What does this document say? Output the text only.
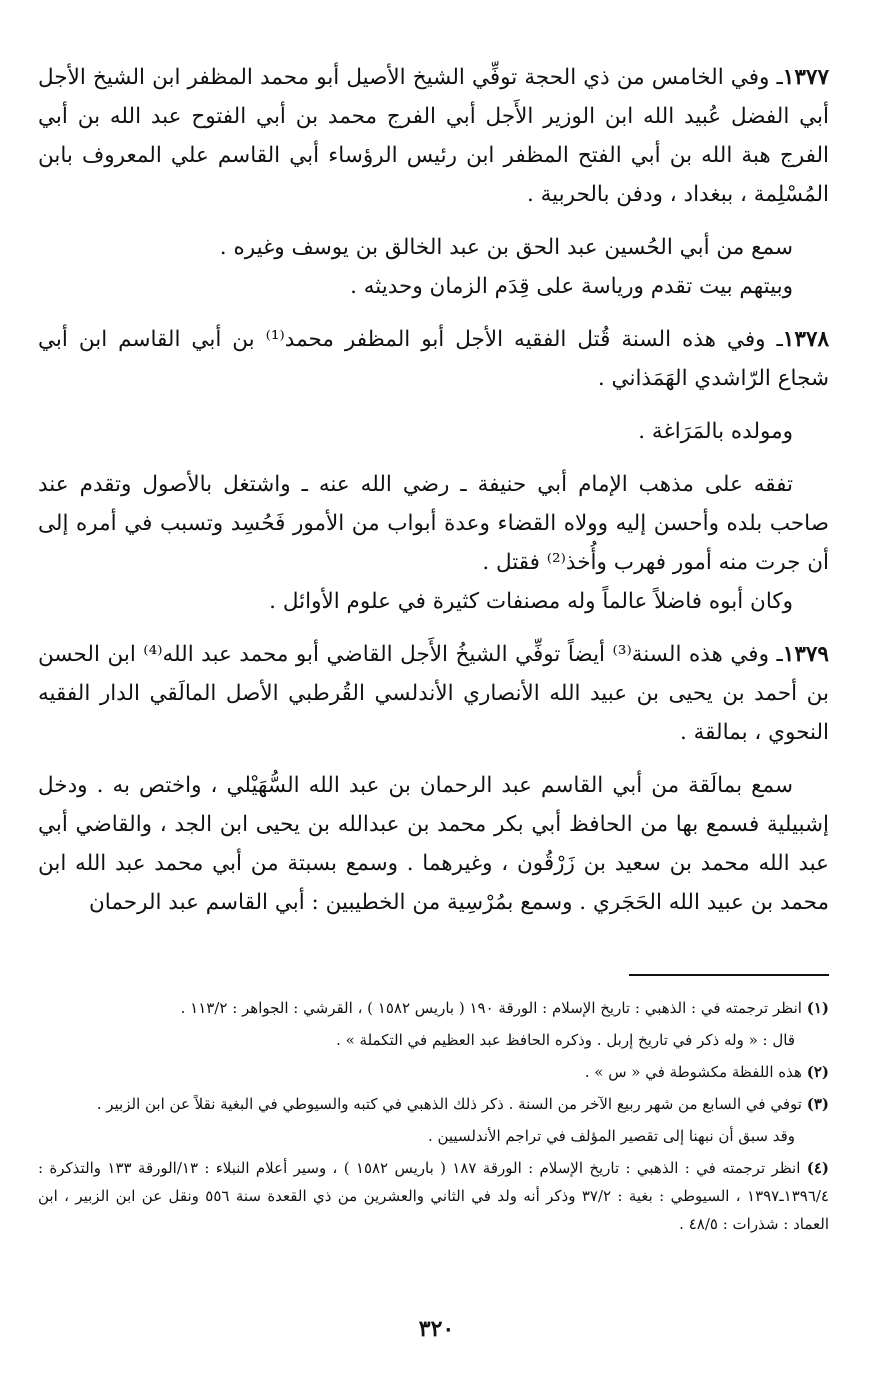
١٣٧٧ـ وفي الخامس من ذي الحجة توفِّي الشيخ الأصيل أبو محمد المظفر ابن الشيخ الأجل أبي الفضل عُبيد الله ابن الوزير الأَجل أبي الفرج محمد بن أبي الفتوح عبد الله بن أبي الفرج هبة الله بن أبي الفتح المظفر ابن رئيس الرؤساء أبي القاسم علي المعروف بابن المُسْلِمة ، ببغداد ، ودفن بالحربية .

سمع من أبي الحُسين عبد الحق بن عبد الخالق بن يوسف وغيره .

وبيتهم بيت تقدم ورياسة على قِدَم الزمان وحديثه .

١٣٧٨ـ وفي هذه السنة قُتل الفقيه الأجل أبو المظفر محمد⁽¹⁾ بن أبي القاسم ابن أبي شجاع الرّاشدي الهَمَذاني .

ومولده بالمَرَاغة .

تفقه على مذهب الإمام أبي حنيفة ـ رضي الله عنه ـ واشتغل بالأصول وتقدم عند صاحب بلده وأحسن إليه وولاه القضاء وعدة أبواب من الأمور فَحُسِد وتسبب في أمره إلى أن جرت منه أمور فهرب وأُخذ⁽²⁾ فقتل .

وكان أبوه فاضلاً عالماً وله مصنفات كثيرة في علوم الأوائل .

١٣٧٩ـ وفي هذه السنة⁽³⁾ أيضاً توفِّي الشيخُ الأَجل القاضي أبو محمد عبد الله⁽⁴⁾ ابن الحسن بن أحمد بن يحيى بن عبيد الله الأنصاري الأندلسي القُرطبي الأصل المالَقي الدار الفقيه النحوي ، بمالقة .

سمع بمالَقة من أبي القاسم عبد الرحمان بن عبد الله السُّهَيْلي ، واختص به . ودخل إشبيلية فسمع بها من الحافظ أبي بكر محمد بن عبدالله بن يحيى ابن الجد ، والقاضي أبي عبد الله محمد بن سعيد بن زَرْقُون ، وغيرهما . وسمع بسبتة من أبي محمد عبد الله ابن محمد بن عبيد الله الحَجَري . وسمع بمُرْسِية من الخطيبين : أبي القاسم عبد الرحمان

(١) انظر ترجمته في : الذهبي : تاريخ الإسلام : الورقة ١٩٠ ( باريس ١٥٨٢ ) ، القرشي : الجواهر : ١١٣/٢ .

قال : « وله ذكر في تاريخ إربل . وذكره الحافظ عبد العظيم في التكملة » .

(٢) هذه اللفظة مكشوطة في « س » .

(٣) توفي في السابع من شهر ربيع الآخر من السنة . ذكر ذلك الذهبي في كتبه والسيوطي في البغية نقلاً عن ابن الزبير .

وقد سبق أن نبهنا إلى تقصير المؤلف في تراجم الأندلسيين .

(٤) انظر ترجمته في : الذهبي : تاريخ الإسلام : الورقة ١٨٧ ( باريس ١٥٨٢ ) ، وسير أعلام النبلاء : ١٣/الورقة ١٣٣ والتذكرة : ١٣٩٦/٤ـ١٣٩٧ ، السيوطي : بغية : ٣٧/٢ وذكر أنه ولد في الثاني والعشرين من ذي القعدة سنة ٥٥٦ ونقل عن ابن الزبير ، ابن العماد : شذرات : ٤٨/٥ .

٣٢٠
